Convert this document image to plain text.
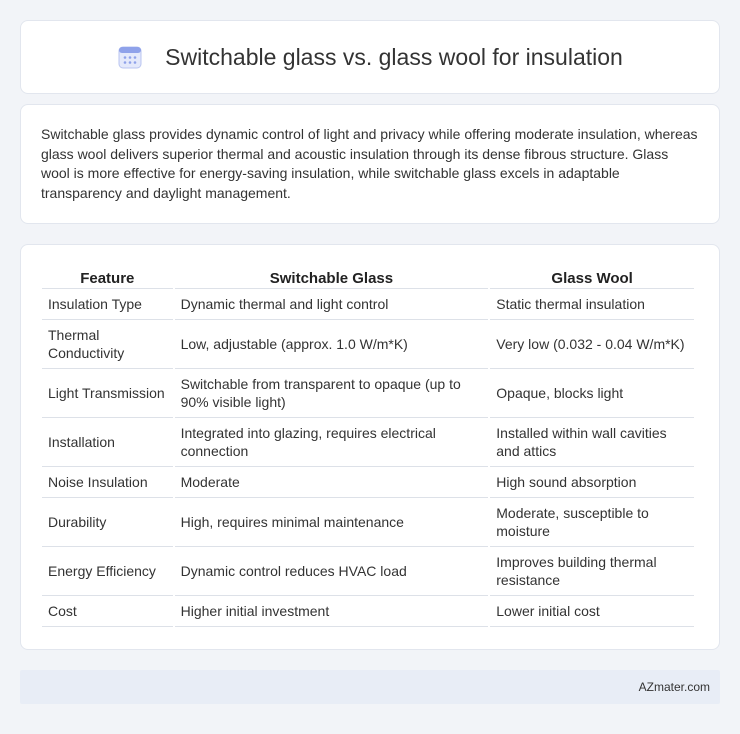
Switchable glass vs. glass wool for insulation

Switchable glass provides dynamic control of light and privacy while offering moderate insulation, whereas glass wool delivers superior thermal and acoustic insulation through its dense fibrous structure. Glass wool is more effective for energy-saving insulation, while switchable glass excels in adaptable transparency and daylight management.

Feature	Switchable Glass	Glass Wool
Insulation Type	Dynamic thermal and light control	Static thermal insulation
Thermal Conductivity	Low, adjustable (approx. 1.0 W/m*K)	Very low (0.032 - 0.04 W/m*K)
Light Transmission	Switchable from transparent to opaque (up to 90% visible light)	Opaque, blocks light
Installation	Integrated into glazing, requires electrical connection	Installed within wall cavities and attics
Noise Insulation	Moderate	High sound absorption
Durability	High, requires minimal maintenance	Moderate, susceptible to moisture
Energy Efficiency	Dynamic control reduces HVAC load	Improves building thermal resistance
Cost	Higher initial investment	Lower initial cost
AZmater.com
